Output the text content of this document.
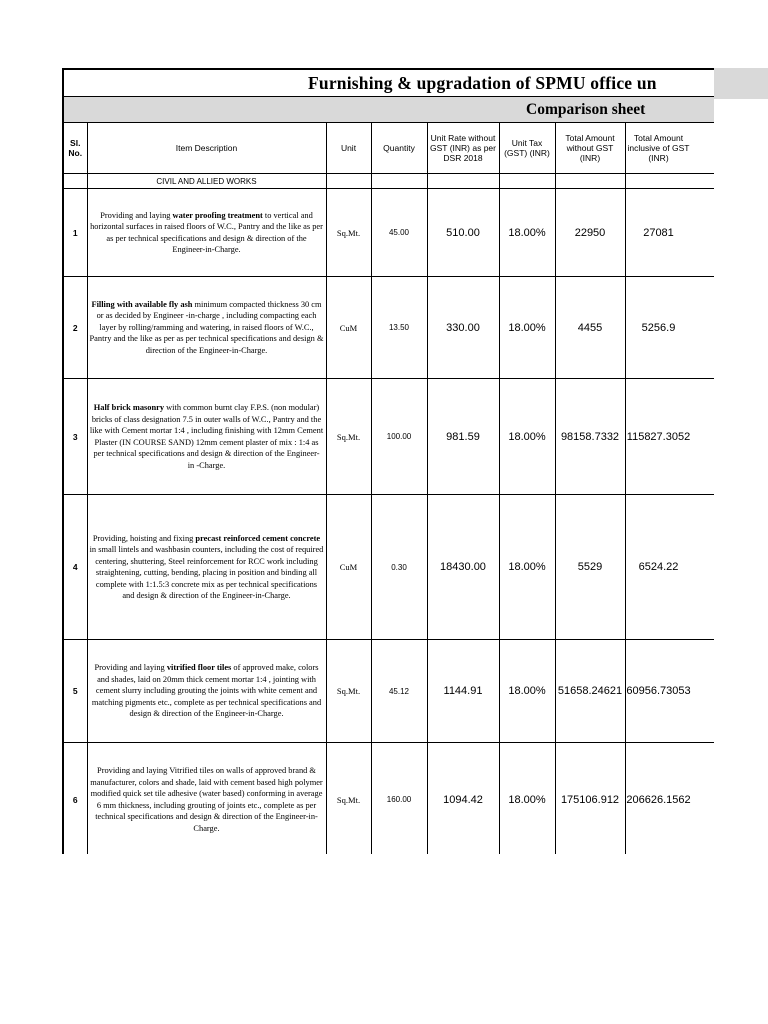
Furnishing & upgradation of SPMU office un							
Comparison sheet							
Sl. No.	Item Description	Unit	Quantity	Unit Rate without GST (INR) as per DSR 2018	Unit Tax (GST) (INR)	Total Amount without GST (INR)	Total Amount inclusive of GST (INR)

	CIVIL AND ALLIED WORKS						
1	Providing and laying water proofing treatment to vertical and horizontal surfaces in raised floors of W.C., Pantry and the like as per as per technical specifications and design & direction of the Engineer-in-Charge.	Sq.Mt.	45.00	510.00	18.00%	22950	27081

2	Filling with available fly ash minimum compacted thickness 30 cm or as decided by Engineer -in-charge , including compacting each layer by rolling/ramming and watering, in raised floors of W.C., Pantry and the like as per as per technical specifications and design & direction of the Engineer-in-Charge.	CuM	13.50	330.00	18.00%	4455	5256.9

3	Half brick masonry with common burnt clay F.P.S. (non modular) bricks of class designation 7.5 in outer walls of W.C., Pantry and the like with Cement mortar 1:4 , including finishing with 12mm Cement Plaster (IN COURSE SAND) 12mm cement plaster of mix : 1:4 as per technical specifications and design & direction of the Engineer- in -Charge.	Sq.Mt.	100.00	981.59	18.00%	98158.7332	115827.3052

4	Providing, hoisting and fixing precast reinforced cement concrete in small lintels and washbasin counters, including the cost of required centering, shuttering, Steel reinforcement for RCC work including straightening, cutting, bending, placing in position and binding all complete with 1:1.5:3 concrete mix as per technical specifications and design & direction of the Engineer-in-Charge.	CuM	0.30	18430.00	18.00%	5529	6524.22

5	Providing and laying vitrified floor tiles of approved make, colors and shades, laid on 20mm thick cement mortar 1:4 , jointing with cement slurry including grouting the joints with white cement and matching pigments etc., complete as per technical specifications and design & direction of the Engineer-in-Charge.	Sq.Mt.	45.12	1144.91	18.00%	51658.24621	60956.73053

6	Providing and laying Vitrified tiles on walls of approved brand & manufacturer, colors and shade, laid with cement based high polymer modified quick set tile adhesive (water based) conforming in average 6 mm thickness, including grouting of joints etc., complete as per technical specifications and design & direction of the Engineer-in-Charge.	Sq.Mt.	160.00	1094.42	18.00%	175106.912	206626.1562
